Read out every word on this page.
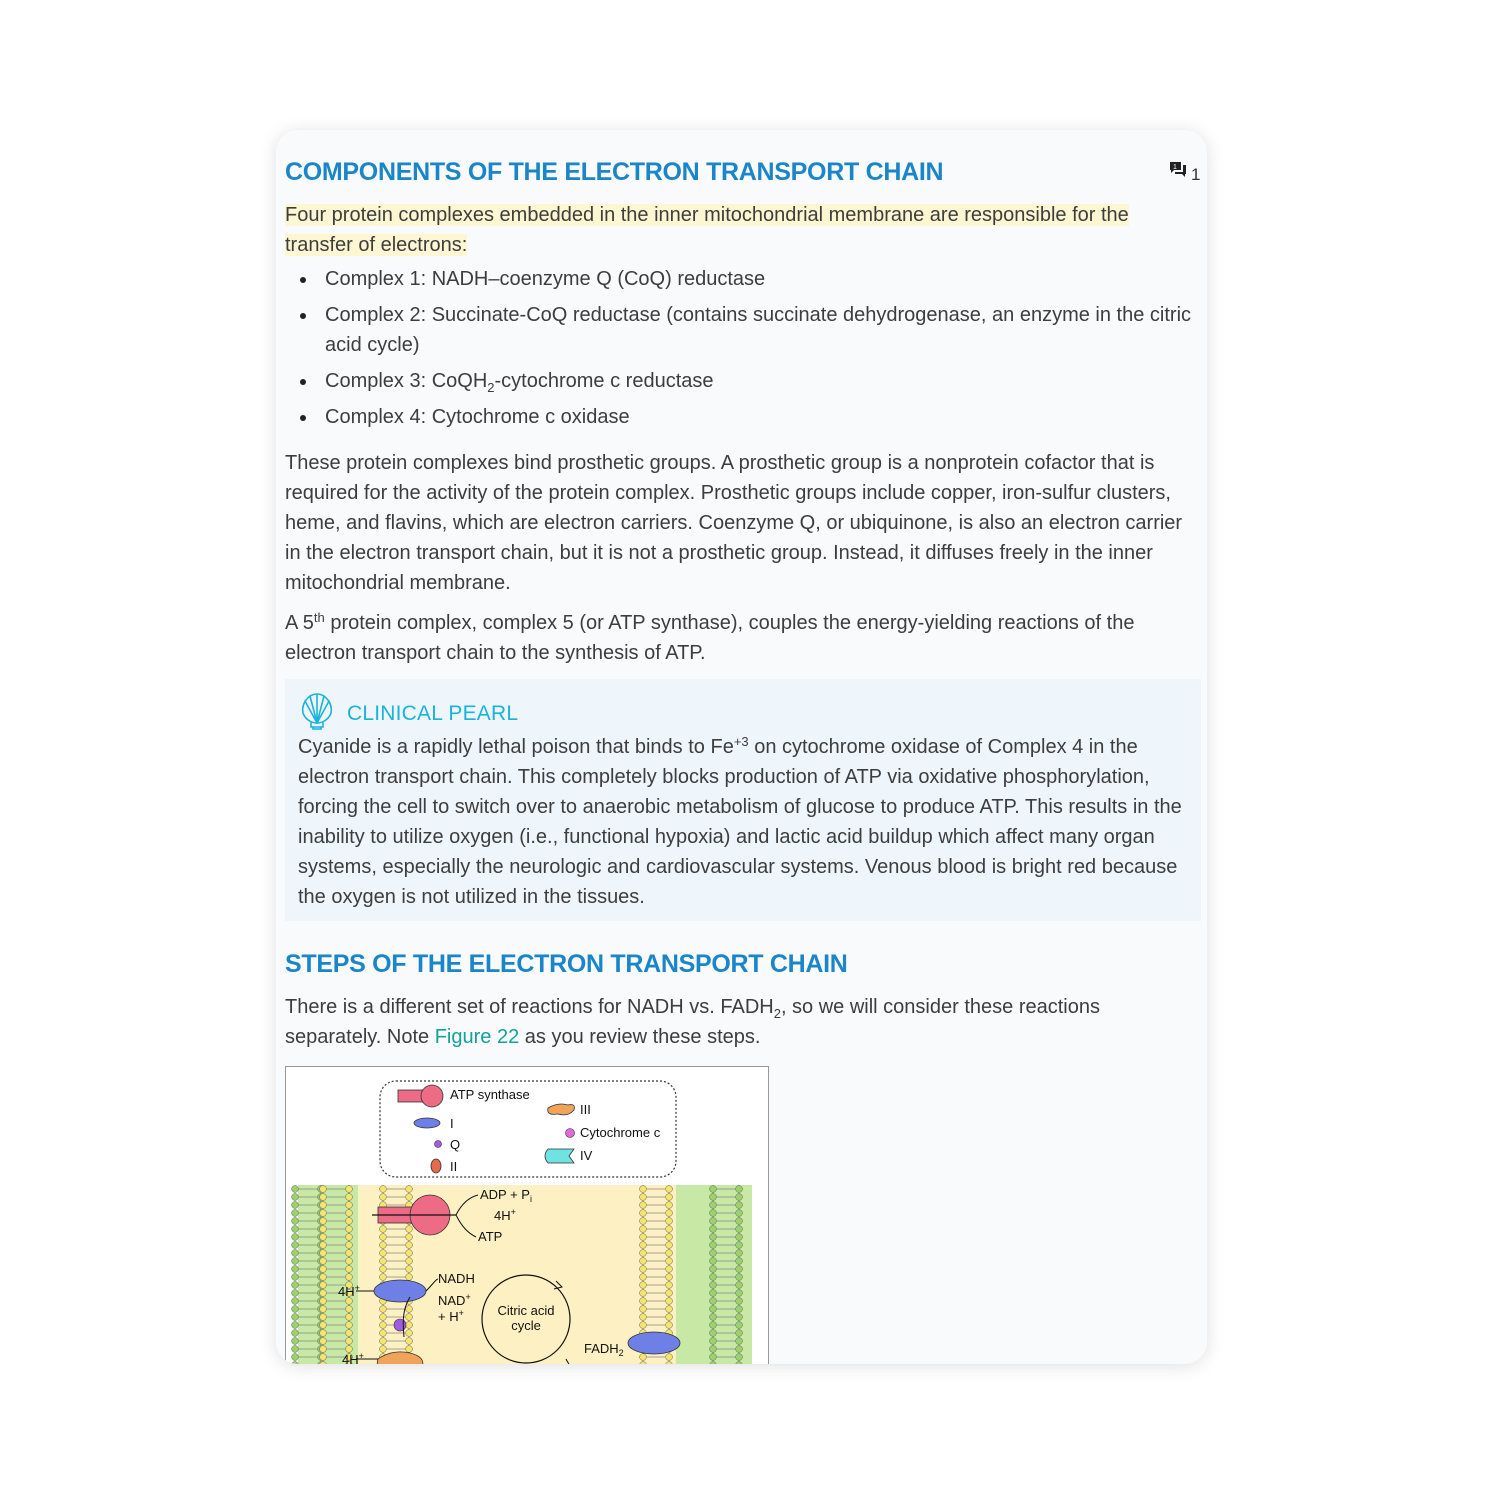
COMPONENTS OF THE ELECTRON TRANSPORT CHAIN	1 1

Four protein complexes embedded in the inner mitochondrial membrane are responsible for the transfer of electrons:

Complex 1: NADH–coenzyme Q (CoQ) reductase
Complex 2: Succinate-CoQ reductase (contains succinate dehydrogenase, an enzyme in the citric acid cycle)
Complex 3: CoQH$_2$-cytochrome c reductase
Complex 4: Cytochrome c oxidase

These protein complexes bind prosthetic groups. A prosthetic group is a nonprotein cofactor that is required for the activity of the protein complex. Prosthetic groups include copper, iron-sulfur clusters, heme, and flavins, which are electron carriers. Coenzyme Q, or ubiquinone, is also an electron carrier in the electron transport chain, but it is not a prosthetic group. Instead, it diffuses freely in the inner mitochondrial membrane.

A 5th protein complex, complex 5 (or ATP synthase), couples the energy-yielding reactions of the electron transport chain to the synthesis of ATP.

CLINICAL PEARL

Cyanide is a rapidly lethal poison that binds to $Fe^{+3}$ on cytochrome oxidase of Complex 4 in the electron transport chain. This completely blocks production of ATP via oxidative phosphorylation, forcing the cell to switch over to anaerobic metabolism of glucose to produce ATP. This results in the inability to utilize oxygen (i.e., functional hypoxia) and lactic acid buildup which affect many organ systems, especially the neurologic and cardiovascular systems. Venous blood is bright red because the oxygen is not utilized in the tissues.

STEPS OF THE ELECTRON TRANSPORT CHAIN

There is a different set of reactions for NADH vs. $FADH_2$, so we will consider these reactions separately. Note Figure 22 as you review these steps.

ATP synthase
I
Q
II
III
Cytochrome c
IV
ADP + $P_i$
4H+
ATP
4H+
NADH
NAD+
+ H+
4H+
Citric acid
cycle
$FADH_2$
